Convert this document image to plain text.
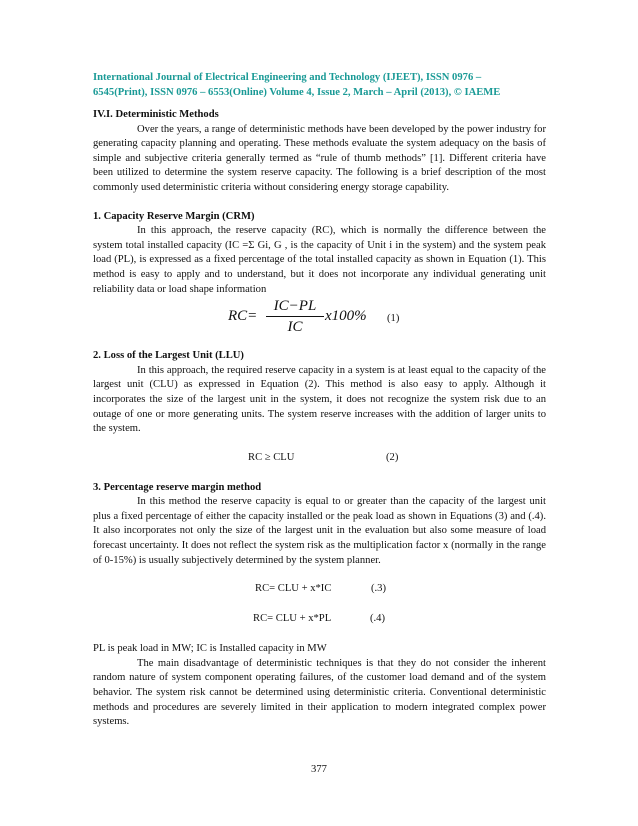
International Journal of Electrical Engineering and Technology (IJEET), ISSN 0976 –
6545(Print), ISSN 0976 – 6553(Online) Volume 4, Issue 2, March – April (2013), © IAEME
IV.I. Deterministic Methods

Over the years, a range of deterministic methods have been developed by the power industry for generating capacity planning and operating. These methods evaluate the system adequacy on the basis of simple and subjective criteria generally termed as “rule of thumb methods” [1]. Different criteria have been utilized to determine the system reserve capacity. The following is a brief description of the most commonly used deterministic criteria without considering energy storage capability.

1. Capacity Reserve Margin (CRM)

In this approach, the reserve capacity (RC), which is normally the difference between the system total installed capacity (IC =Σ Gi, G , is the capacity of Unit i in the system) and the system peak load (PL), is expressed as a fixed percentage of the total installed capacity as shown in Equation (1). This method is easy to apply and to understand, but it does not incorporate any individual generating unit reliability data or load shape information

$RC= \frac{IC-PL}{IC} x100\%$ (1)
2. Loss of the Largest Unit (LLU)

In this approach, the required reserve capacity in a system is at least equal to the capacity of the largest unit (CLU) as expressed in Equation (2). This method is also easy to apply. Although it incorporates the size of the largest unit in the system, it does not recognize the system risk due to an outage of one or more generating units. The system reserve increases with the addition of larger units to the system.

RC ≥ CLU	(2)
3. Percentage reserve margin method

In this method the reserve capacity is equal to or greater than the capacity of the largest unit plus a fixed percentage of either the capacity installed or the peak load as shown in Equations (3) and (.4). It also incorporates not only the size of the largest unit in the evaluation but also some measure of load forecast uncertainty. It does not reflect the system risk as the multiplication factor x (normally in the range of 0-15%) is usually subjectively determined by the system planner.

RC= CLU + x*IC	(.3)
RC= CLU + x*PL	(.4)

PL is peak load in MW; IC is Installed capacity in MW

The main disadvantage of deterministic techniques is that they do not consider the inherent random nature of system component operating failures, of the customer load demand and of the system behavior. The system risk cannot be determined using deterministic criteria. Conventional deterministic methods and procedures are severely limited in their application to modern integrated complex power systems.

377
